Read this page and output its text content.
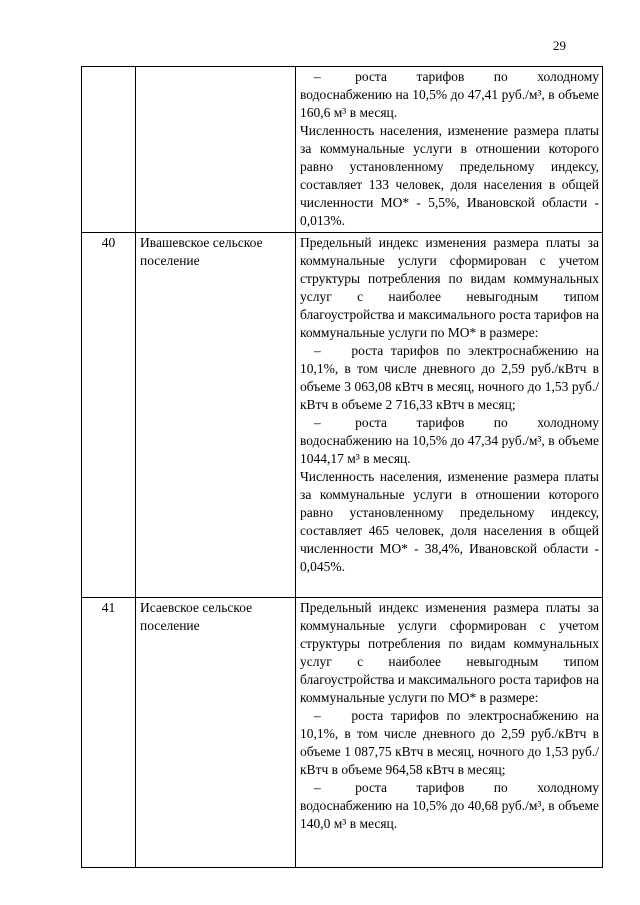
29

		–       роста      тарифов      по      холодному водоснабжению на 10,5% до 47,41 руб./м³, в объеме 160,6 м³ в месяц.

Численность населения, изменение размера платы за коммунальные услуги в отношении которого равно установленному предельному индексу, составляет 133 человек, доля населения в общей численности МО* - 5,5%, Ивановской области - 0,013%.

40	Ивашевское сельское поселение	Предельный индекс изменения размера платы за коммунальные услуги сформирован с учетом структуры потребления по видам коммунальных услуг с наиболее невыгодным типом благоустройства и максимального роста тарифов на коммунальные услуги по МО* в размере:

–    роста тарифов по электроснабжению на 10,1%, в том числе дневного до 2,59 руб./кВтч в объеме 3 063,08 кВтч в месяц, ночного до 1,53 руб./кВтч в объеме 2 716,33 кВтч в месяц;

–       роста      тарифов      по      холодному водоснабжению на 10,5% до 47,34 руб./м³, в объеме 1044,17 м³ в месяц.

Численность населения, изменение размера платы за коммунальные услуги в отношении которого равно установленному предельному индексу, составляет 465 человек, доля населения в общей численности МО* - 38,4%, Ивановской области - 0,045%.

41	Исаевское сельское поселение	Предельный индекс изменения размера платы за коммунальные услуги сформирован с учетом структуры потребления по видам коммунальных услуг с наиболее невыгодным типом благоустройства и максимального роста тарифов на коммунальные услуги по МО* в размере:

–    роста тарифов по электроснабжению на 10,1%, в том числе дневного до 2,59 руб./кВтч в объеме 1 087,75 кВтч в месяц, ночного до 1,53 руб./кВтч в объеме 964,58 кВтч в месяц;

–       роста      тарифов      по      холодному водоснабжению на 10,5% до 40,68 руб./м³, в объеме 140,0 м³ в месяц.
